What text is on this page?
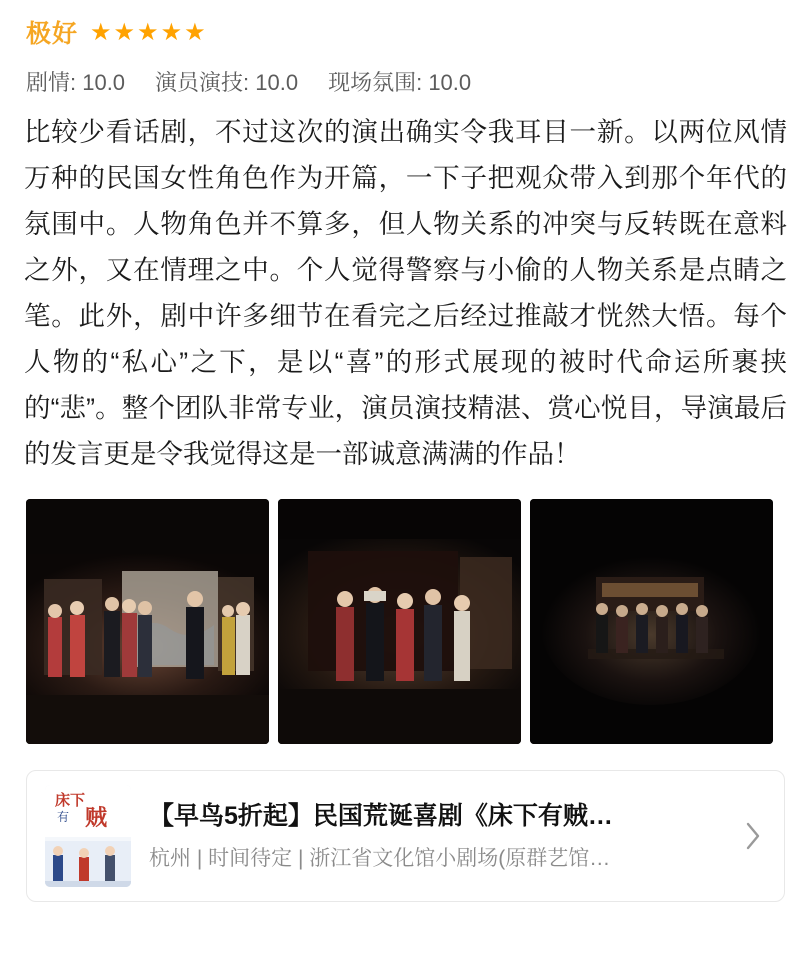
极好 ★ ★ ★ ★ ★
剧情: 10.0 演员演技: 10.0 现场氛围: 10.0

比较少看话剧，不过这次的演出确实令我耳目一新。以两位风情万种的民国女性角色作为开篇，一下子把观众带入到那个年代的氛围中。人物角色并不算多，但人物关系的冲突与反转既在意料之外，又在情理之中。个人觉得警察与小偷的人物关系是点睛之笔。此外，剧中许多细节在看完之后经过推敲才恍然大悟。每个人物的“私心”之下，是以“喜”的形式展现的被时代命运所裹挟的“悲”。整个团队非常专业，演员演技精湛、赏心悦目，导演最后的发言更是令我觉得这是一部诚意满满的作品！

床下
有 贼 【早鸟5折起】民国荒诞喜剧《床下有贼…
杭州 | 时间待定 | 浙江省文化馆小剧场(原群艺馆…
